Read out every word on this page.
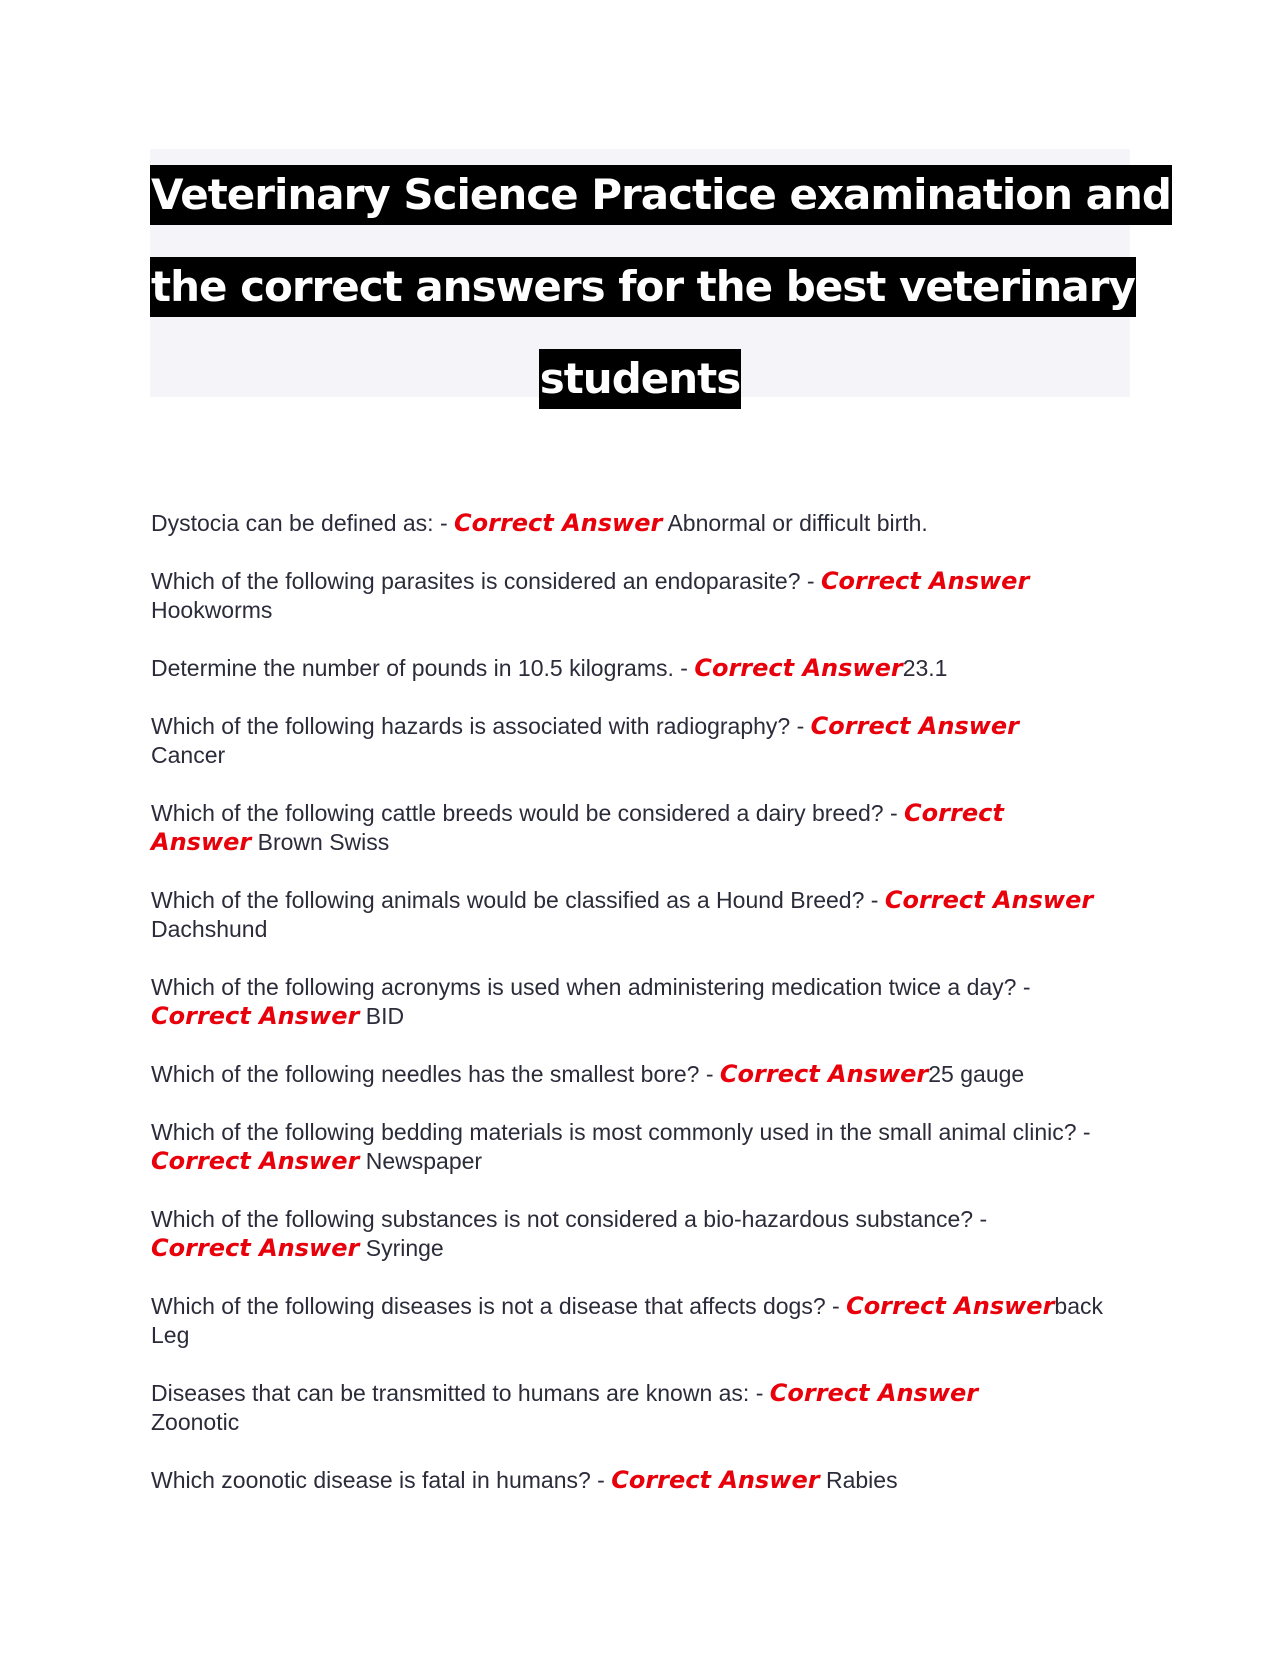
Veterinary Science Practice examination and
the correct answers for the best veterinary
students
Dystocia can be defined as: - Correct Answer Abnormal or difficult birth.
Which of the following parasites is considered an endoparasite? - Correct Answer
Hookworms
Determine the number of pounds in 10.5 kilograms. - Correct Answer23.1
Which of the following hazards is associated with radiography? - Correct Answer
Cancer
Which of the following cattle breeds would be considered a dairy breed? - Correct Answer Brown Swiss
Which of the following animals would be classified as a Hound Breed? - Correct Answer Dachshund
Which of the following acronyms is used when administering medication twice a day? -
Correct Answer BID
Which of the following needles has the smallest bore? - Correct Answer25 gauge
Which of the following bedding materials is most commonly used in the small animal clinic? - Correct Answer Newspaper
Which of the following substances is not considered a bio-hazardous substance? -
Correct Answer Syringe
Which of the following diseases is not a disease that affects dogs? - Correct Answerback Leg
Diseases that can be transmitted to humans are known as: - Correct Answer
Zoonotic
Which zoonotic disease is fatal in humans? - Correct Answer Rabies
